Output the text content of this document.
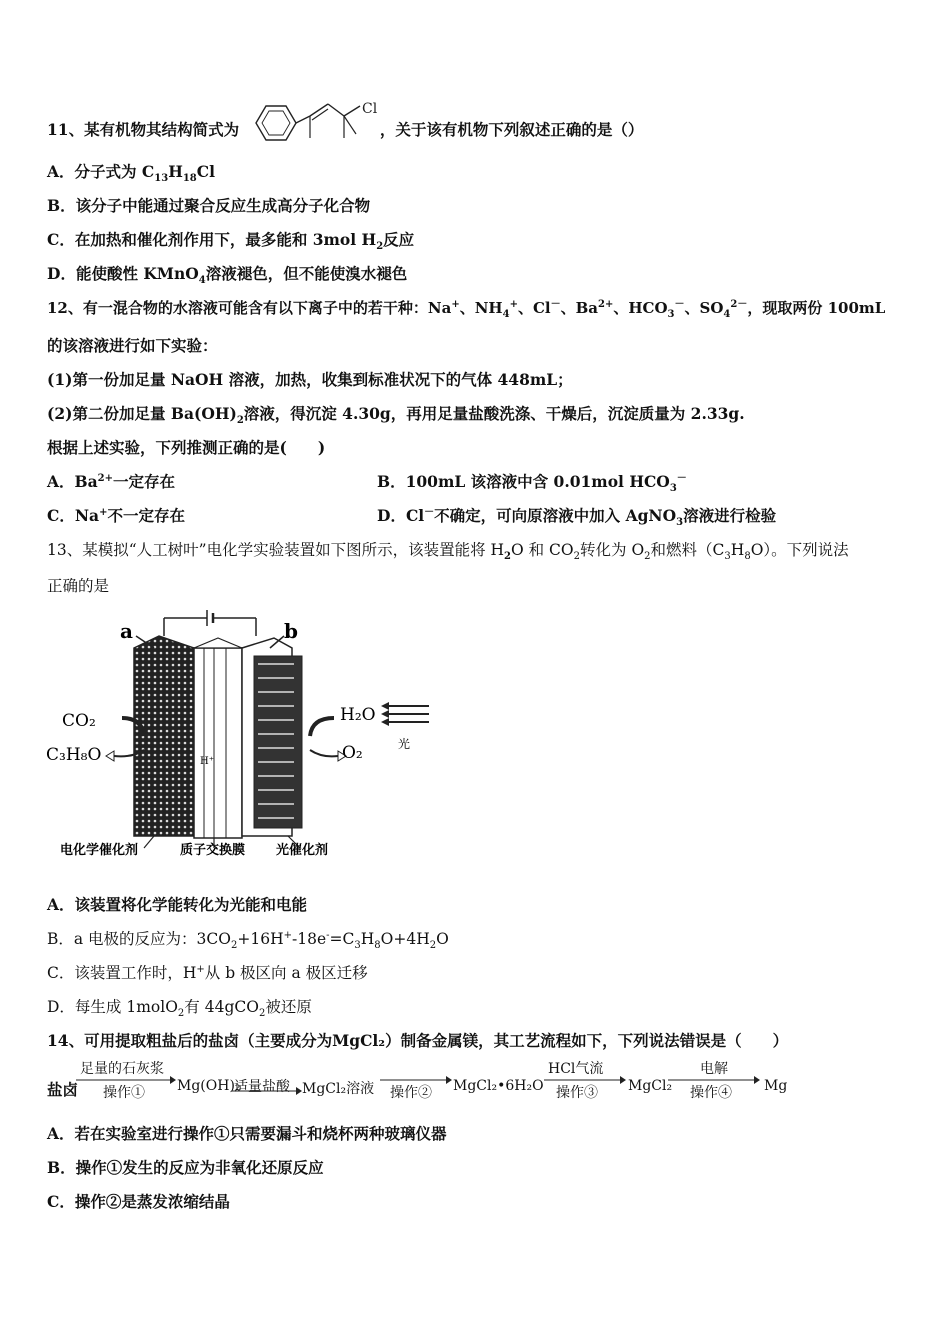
11、某有机物其结构简式为	，关于该有机物下列叙述正确的是（）
Cl
A．分子式为 $C_{13}H_{18}Cl$
B．该分子中能通过聚合反应生成高分子化合物
C．在加热和催化剂作用下，最多能和 3mol $H_2$反应
D．能使酸性 KMnO$_4$溶液褪色，但不能使溴水褪色
12、有一混合物的水溶液可能含有以下离子中的若干种：Na+、$NH_4^+$、Cl－、$Ba^{2+}$、$HCO_3^-$、$SO_4^{2-}$，现取两份 100mL
的该溶液进行如下实验：
(1)第一份加足量 NaOH 溶液，加热，收集到标准状况下的气体 448mL；
(2)第二份加足量 $Ba(OH)_2$溶液，得沉淀 4.30g，再用足量盐酸洗涤、干燥后，沉淀质量为 2.33g.
根据上述实验，下列推测正确的是(　　)
A．$Ba^{2+}$一定存在	B．100mL 该溶液中含 0.01mol $HCO_3^-$
C．Na+不一定存在	D．Cl－不确定，可向原溶液中加入 AgNO$_3$溶液进行检验
13、某模拟“人工树叶”电化学实验装置如下图所示，该装置能将 $H_2O$ 和 $CO_2$转化为 $O_2$和燃料$(C_3H_8O)$。下列说法
正确的是
a	b
CO₂
C₃H₈O
H₂O
O₂	光
H⁺
电化学催化剂	质子交换膜 光催化剂
A．该装置将化学能转化为光能和电能
B．a 电极的反应为：$3CO_2+16H^+-18e^-=C_3H_8O+4H_2O$
C．该装置工作时，H+从 b 极区向 a 极区迁移
D．每生成 1molO$_2$有 44gCO$_2$被还原
14、可用提取粗盐后的盐卤（主要成分为MgCl₂）制备金属镁，其工艺流程如下，下列说法错误是（　　）
盐卤
足量的石灰浆
操作① Mg(OH)₂
适量盐酸 MgCl₂溶液 操作② MgCl₂•6H₂O
HCl气流
操作③ MgCl₂
电解
操作④ Mg
A．若在实验室进行操作①只需要漏斗和烧杯两种玻璃仪器
B．操作①发生的反应为非氧化还原反应
C．操作②是蒸发浓缩结晶
